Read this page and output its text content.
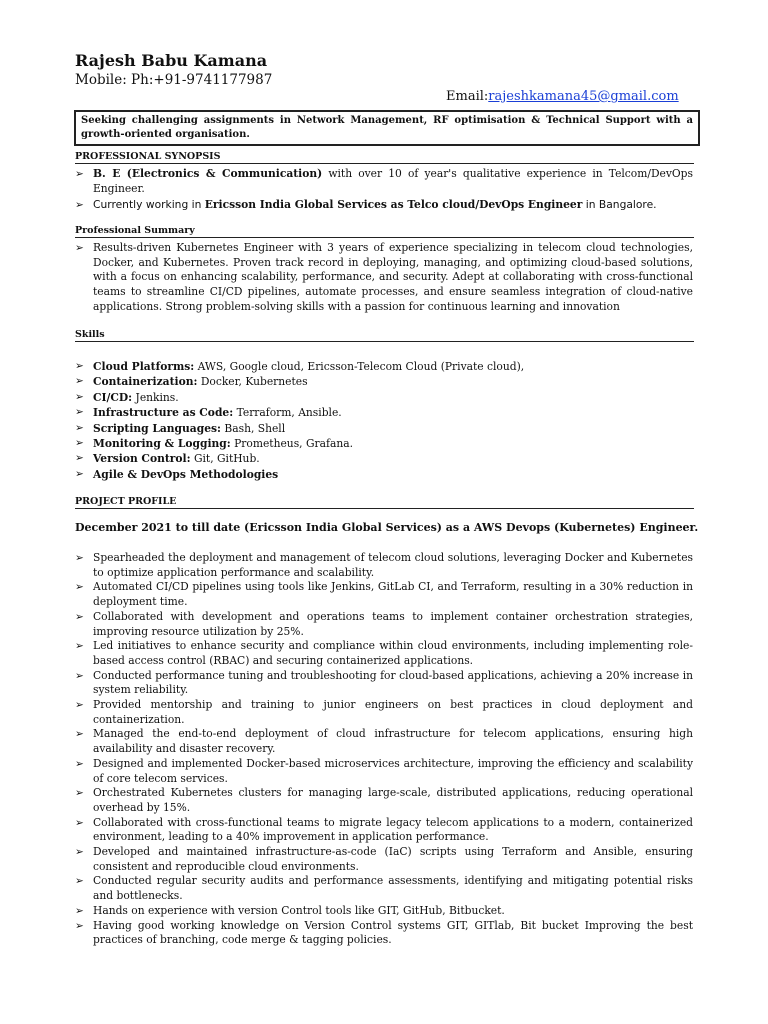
Rajesh Babu Kamana
Mobile: Ph:+91-9741177987
Email:rajeshkamana45@gmail.com
Seeking challenging assignments in Network Management, RF optimisation & Technical Support with a growth-oriented organisation.
PROFESSIONAL SYNOPSIS
➢ B. E (Electronics & Communication) with over 10 of year's qualitative experience in Telcom/DevOps Engineer.
➢ Currently working in Ericsson India Global Services as Telco cloud/DevOps Engineer in Bangalore.
Professional Summary
➢ Results-driven Kubernetes Engineer with 3 years of experience specializing in telecom cloud technologies, Docker, and Kubernetes. Proven track record in deploying, managing, and optimizing cloud-based solutions, with a focus on enhancing scalability, performance, and security. Adept at collaborating with cross-functional teams to streamline CI/CD pipelines, automate processes, and ensure seamless integration of cloud-native applications. Strong problem-solving skills with a passion for continuous learning and innovation
Skills
➢ Cloud Platforms: AWS, Google cloud, Ericsson-Telecom Cloud (Private cloud),
➢ Containerization: Docker, Kubernetes
➢ CI/CD: Jenkins.
➢ Infrastructure as Code: Terraform, Ansible.
➢ Scripting Languages: Bash, Shell
➢ Monitoring & Logging: Prometheus, Grafana.
➢ Version Control: Git, GitHub.
➢ Agile & DevOps Methodologies
PROJECT PROFILE
December 2021 to till date (Ericsson India Global Services) as a AWS Devops (Kubernetes) Engineer.
➢ Spearheaded the deployment and management of telecom cloud solutions, leveraging Docker and Kubernetes to optimize application performance and scalability.
➢ Automated CI/CD pipelines using tools like Jenkins, GitLab CI, and Terraform, resulting in a 30% reduction in deployment time.
➢ Collaborated with development and operations teams to implement container orchestration strategies, improving resource utilization by 25%.
➢ Led initiatives to enhance security and compliance within cloud environments, including implementing role-based access control (RBAC) and securing containerized applications.
➢ Conducted performance tuning and troubleshooting for cloud-based applications, achieving a 20% increase in system reliability.
➢ Provided mentorship and training to junior engineers on best practices in cloud deployment and containerization.
➢ Managed the end-to-end deployment of cloud infrastructure for telecom applications, ensuring high availability and disaster recovery.
➢ Designed and implemented Docker-based microservices architecture, improving the efficiency and scalability of core telecom services.
➢ Orchestrated Kubernetes clusters for managing large-scale, distributed applications, reducing operational overhead by 15%.
➢ Collaborated with cross-functional teams to migrate legacy telecom applications to a modern, containerized environment, leading to a 40% improvement in application performance.
➢ Developed and maintained infrastructure-as-code (IaC) scripts using Terraform and Ansible, ensuring consistent and reproducible cloud environments.
➢ Conducted regular security audits and performance assessments, identifying and mitigating potential risks and bottlenecks.
➢ Hands on experience with version Control tools like GIT, GitHub, Bitbucket.
➢ Having good working knowledge on Version Control systems GIT, GITlab, Bit bucket Improving the best practices of branching, code merge & tagging policies.
